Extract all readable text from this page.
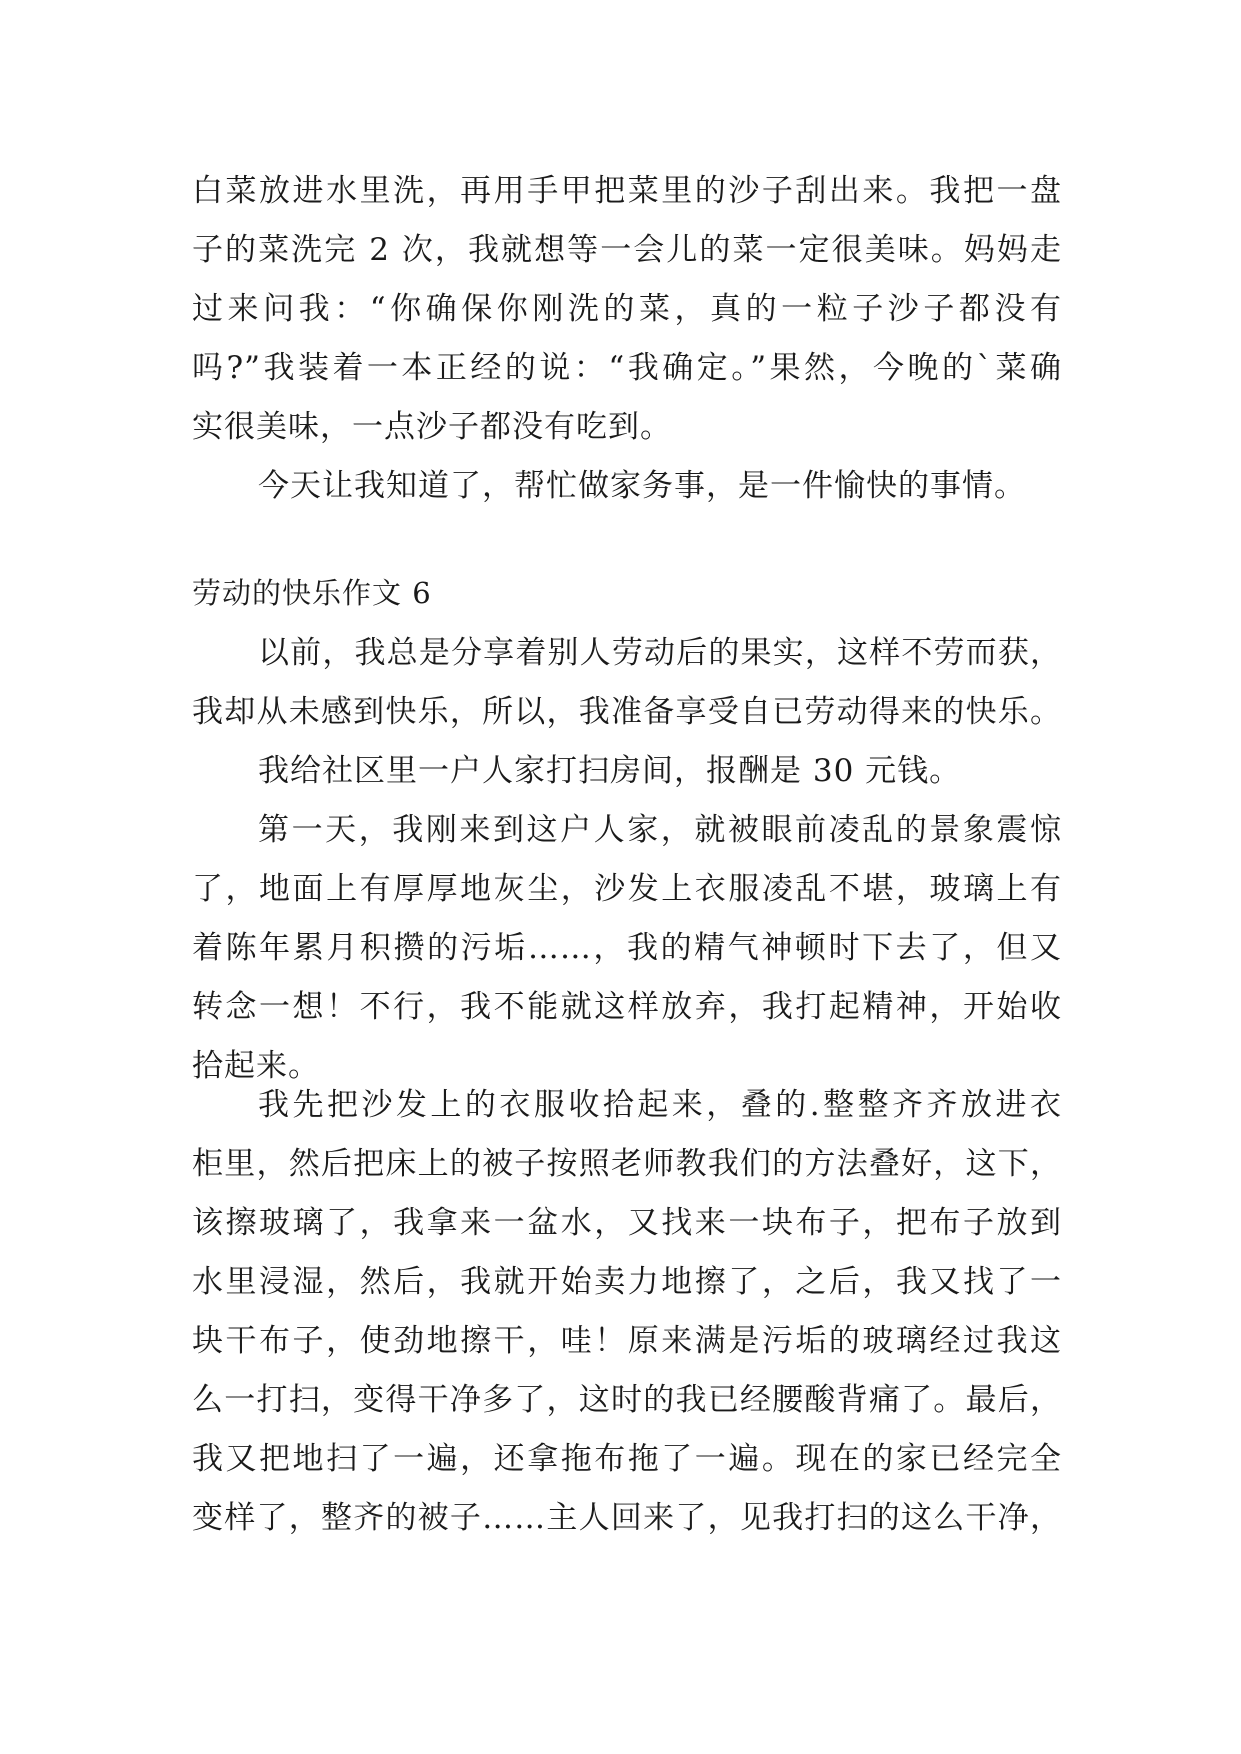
白菜放进水里洗，再用手甲把菜里的沙子刮出来。我把一盘
子的菜洗完 2 次，我就想等一会儿的菜一定很美味。妈妈走
过来问我：“你确保你刚洗的菜，真的一粒子沙子都没有
吗?”我装着一本正经的说：“我确定。”果然，今晚的`菜确
实很美味，一点沙子都没有吃到。
今天让我知道了，帮忙做家务事，是一件愉快的事情。
劳动的快乐作文 6
以前，我总是分享着别人劳动后的果实，这样不劳而获，
我却从未感到快乐，所以，我准备享受自已劳动得来的快乐。
我给社区里一户人家打扫房间，报酬是 30 元钱。
第一天，我刚来到这户人家，就被眼前凌乱的景象震惊
了，地面上有厚厚地灰尘，沙发上衣服凌乱不堪，玻璃上有
着陈年累月积攒的污垢……，我的精气神顿时下去了，但又
转念一想！不行，我不能就这样放弃，我打起精神，开始收
拾起来。
我先把沙发上的衣服收拾起来，叠的.整整齐齐放进衣
柜里，然后把床上的被子按照老师教我们的方法叠好，这下，
该擦玻璃了，我拿来一盆水，又找来一块布子，把布子放到
水里浸湿，然后，我就开始卖力地擦了，之后，我又找了一
块干布子，使劲地擦干，哇！原来满是污垢的玻璃经过我这
么一打扫，变得干净多了，这时的我已经腰酸背痛了。最后，
我又把地扫了一遍，还拿拖布拖了一遍。现在的家已经完全
变样了，整齐的被子……主人回来了，见我打扫的这么干净，
